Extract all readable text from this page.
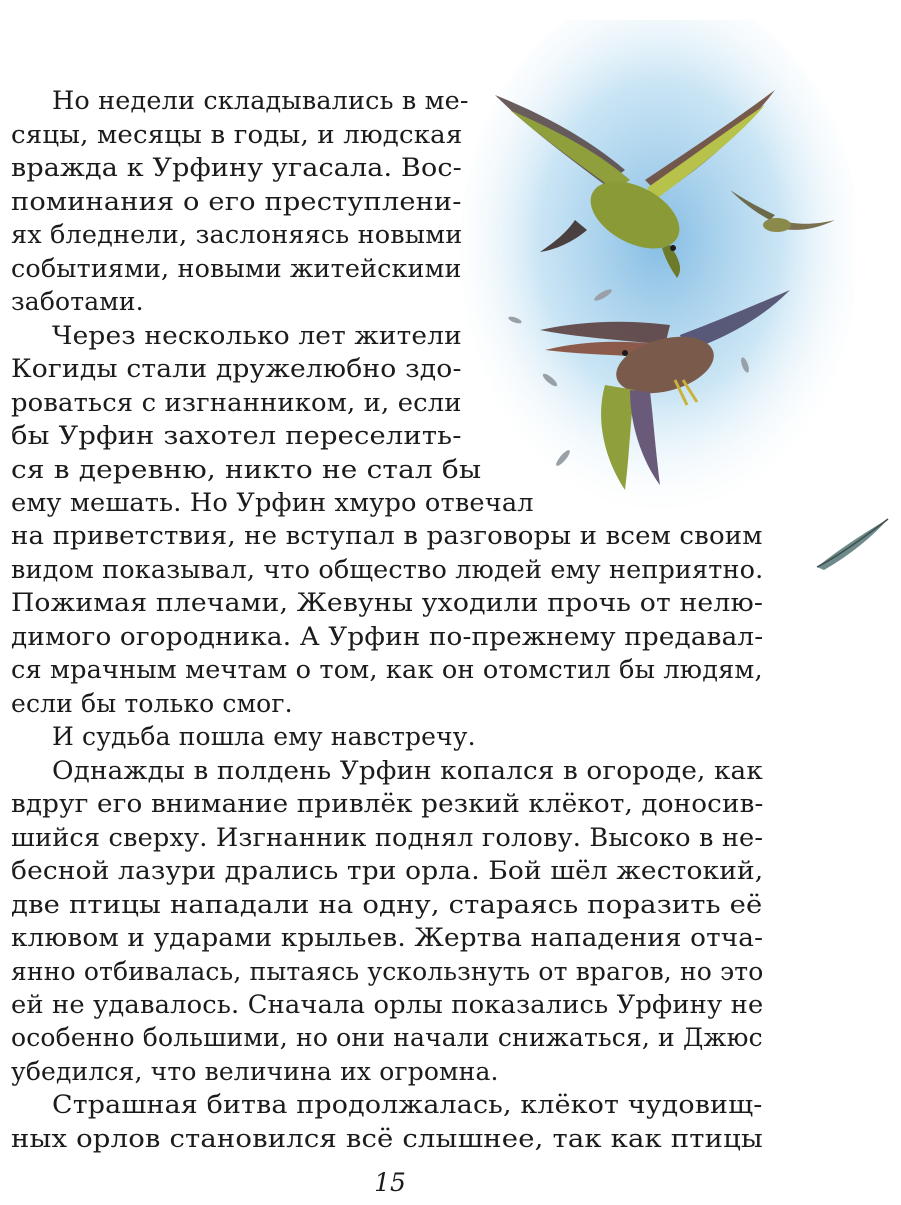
Но недели складывались в ме-
сяцы, месяцы в годы, и людская
вражда к Урфину угасала. Вос-
поминания о его преступлени-
ях бледнели, заслоняясь новыми
событиями, новыми житейскими
заботами.
Через несколько лет жители
Когиды стали дружелюбно здо-
роваться с изгнанником, и, если
бы Урфин захотел переселить-
ся в деревню, никто не стал бы
ему мешать. Но Урфин хмуро отвечал
на приветствия, не вступал в разговоры и всем своим
видом показывал, что общество людей ему неприятно.
Пожимая плечами, Жевуны уходили прочь от нелю-
димого огородника. А Урфин по-прежнему предавал-
ся мрачным мечтам о том, как он отомстил бы людям,
если бы только смог.
И судьба пошла ему навстречу.
Однажды в полдень Урфин копался в огороде, как
вдруг его внимание привлёк резкий клёкот, доносив-
шийся сверху. Изгнанник поднял голову. Высоко в не-
бесной лазури дрались три орла. Бой шёл жестокий,
две птицы нападали на одну, стараясь поразить её
клювом и ударами крыльев. Жертва нападения отча-
янно отбивалась, пытаясь ускользнуть от врагов, но это
ей не удавалось. Сначала орлы показались Урфину не
особенно большими, но они начали снижаться, и Джюс
убедился, что величина их огромна.
Страшная битва продолжалась, клёкот чудовищ-
ных орлов становился всё слышнее, так как птицы
15
